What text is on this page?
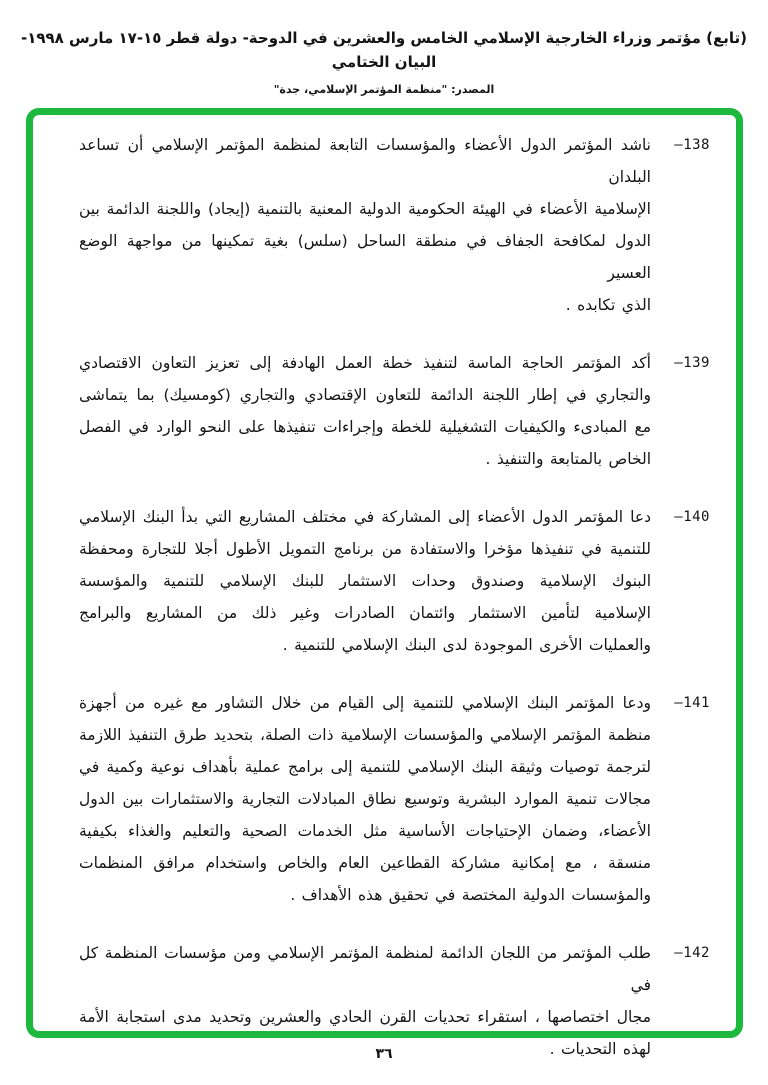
(تابع) مؤتمر وزراء الخارجية الإسلامي الخامس والعشرين في الدوحة- دولة قطر ١٥-١٧ مارس ١٩٩٨- البيان الختامي
المصدر: "منظمة المؤتمر الإسلامي، جدة"
138–
ناشد المؤتمر الدول الأعضاء والمؤسسات التابعة لمنظمة المؤتمر الإسلامي أن تساعد البلدان
الإسلامية الأعضاء في الهيئة الحكومية الدولية المعنية بالتنمية (إيجاد) واللجنة الدائمة بين
الدول لمكافحة الجفاف في منطقة الساحل (سلس) بغية تمكينها من مواجهة الوضع العسير
الذي تكابده .
139–
أكد المؤتمر الحاجة الماسة لتنفيذ خطة العمل الهادفة إلى تعزيز التعاون الاقتصادي
والتجاري في إطار اللجنة الدائمة للتعاون الإقتصادي والتجاري (كومسيك) بما يتماشى
مع المبادىء والكيفيات التشغيلية للخطة وإجراءات تنفيذها على النحو الوارد في الفصل
الخاص بالمتابعة والتنفيذ .
140–
دعا المؤتمر الدول الأعضاء إلى المشاركة في مختلف المشاريع التي بدأ البنك الإسلامي
للتنمية في تنفيذها مؤخرا والاستفادة من برنامج التمويل الأطول أجلا للتجارة ومحفظة
البنوك الإسلامية وصندوق وحدات الاستثمار للبنك الإسلامي للتنمية والمؤسسة
الإسلامية لتأمين الاستثمار وائتمان الصادرات وغير ذلك من المشاريع والبرامج
والعمليات الأخرى الموجودة لدى البنك الإسلامي للتنمية .
141–
ودعا المؤتمر البنك الإسلامي للتنمية إلى القيام من خلال التشاور مع غيره من أجهزة
منظمة المؤتمر الإسلامي والمؤسسات الإسلامية ذات الصلة، بتحديد طرق التنفيذ اللازمة
لترجمة توصيات وثيقة البنك الإسلامي للتنمية إلى برامج عملية بأهداف نوعية وكمية في
مجالات تنمية الموارد البشرية وتوسيع نطاق المبادلات التجارية والاستثمارات بين الدول
الأعضاء، وضمان الإحتياجات الأساسية مثل الخدمات الصحية والتعليم والغذاء بكيفية
منسقة ، مع إمكانية مشاركة القطاعين العام والخاص واستخدام مرافق المنظمات
والمؤسسات الدولية المختصة في تحقيق هذه الأهداف .
142–
طلب المؤتمر من اللجان الدائمة لمنظمة المؤتمر الإسلامي ومن مؤسسات المنظمة كل في
مجال اختصاصها ، استقراء تحديات القرن الحادي والعشرين وتحديد مدى استجابة الأمة
لهذه التحديات .
٣٦
